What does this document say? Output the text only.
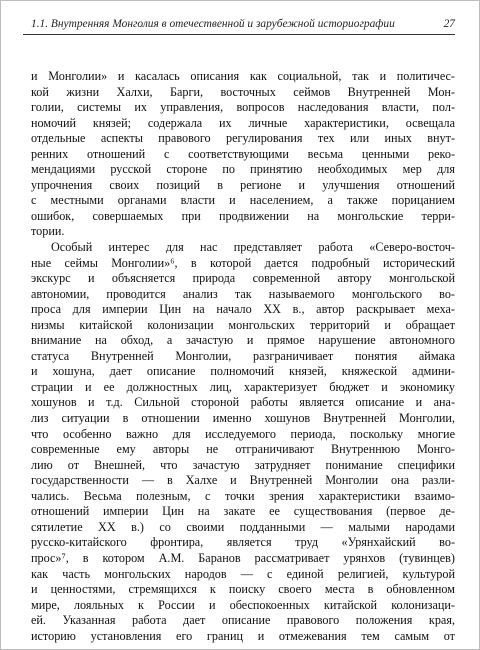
1.1. Внутренняя Монголия в отечественной и зарубежной историографии	27
и Монголии» и касалась описания как социальной, так и политичес-
кой жизни Халхи, Барги, восточных сеймов Внутренней Мон-
голии, системы их управления, вопросов наследования власти, пол-
номочий князей; содержала их личные характеристики, освещала
отдельные аспекты правового регулирования тех или иных внут-
ренних отношений с соответствующими весьма ценными реко-
мендациями русской стороне по принятию необходимых мер для
упрочнения своих позиций в регионе и улучшения отношений
с местными органами власти и населением, а также порицанием
ошибок, совершаемых при продвижении на монгольские терри-
тории.
Особый интерес для нас представляет работа «Северо-восточ-
ные сеймы Монголии»⁶, в которой дается подробный исторический
экскурс и объясняется природа современной автору монгольской
автономии, проводится анализ так называемого монгольского во-
проса для империи Цин на начало XX в., автор раскрывает меха-
низмы китайской колонизации монгольских территорий и обращает
внимание на обход, а зачастую и прямое нарушение автономного
статуса Внутренней Монголии, разграничивает понятия аймака
и хошуна, дает описание полномочий князей, княжеской админи-
страции и ее должностных лиц, характеризует бюджет и экономику
хошунов и т.д. Сильной стороной работы является описание и ана-
лиз ситуации в отношении именно хошунов Внутренней Монголии,
что особенно важно для исследуемого периода, поскольку многие
современные ему авторы не отграничивают Внутреннюю Монго-
лию от Внешней, что зачастую затрудняет понимание специфики
государственности — в Халхе и Внутренней Монголии она разли-
чались. Весьма полезным, с точки зрения характеристики взаимо-
отношений империи Цин на закате ее существования (первое де-
сятилетие XX в.) со своими подданными — малыми народами
русско-китайского фронтира, является труд «Урянхайский во-
прос»⁷, в котором А.М. Баранов рассматривает урянхов (тувинцев)
как часть монгольских народов — с единой религией, культурой
и ценностями, стремящихся к поиску своего места в обновленном
мире, лояльных к России и обеспокоенных китайской колонизаци-
ей. Указанная работа дает описание правового положения края,
историю установления его границ и отмежевания тем самым от
